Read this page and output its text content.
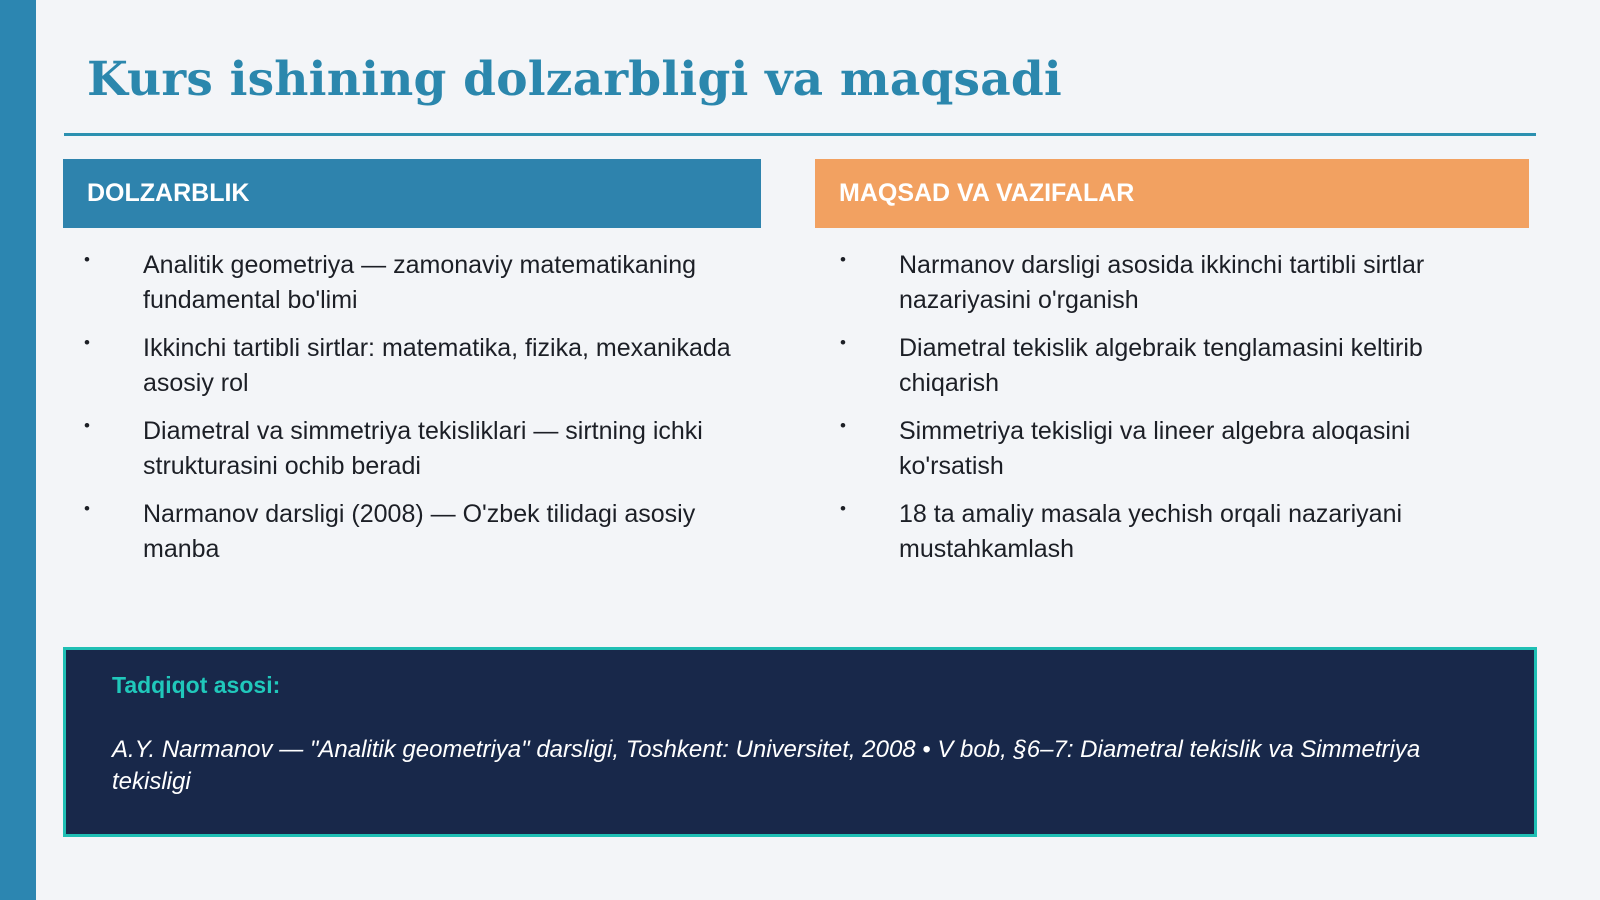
Kurs ishining dolzarbligi va maqsadi
DOLZARBLIK	MAQSAD VA VAZIFALAR
• Analitik geometriya — zamonaviy matematikaning fundamental bo'limi
• Ikkinchi tartibli sirtlar: matematika, fizika, mexanikada asosiy rol
• Diametral va simmetriya tekisliklari — sirtning ichki strukturasini ochib beradi
• Narmanov darsligi (2008) — O'zbek tilidagi asosiy manba
• Narmanov darsligi asosida ikkinchi tartibli sirtlar nazariyasini o'rganish
• Diametral tekislik algebraik tenglamasini keltirib chiqarish
• Simmetriya tekisligi va lineer algebra aloqasini ko'rsatish
• 18 ta amaliy masala yechish orqali nazariyani mustahkamlash
Tadqiqot asosi:
A.Y. Narmanov — "Analitik geometriya" darsligi, Toshkent: Universitet, 2008 • V bob, §6–7: Diametral tekislik va Simmetriya tekisligi
